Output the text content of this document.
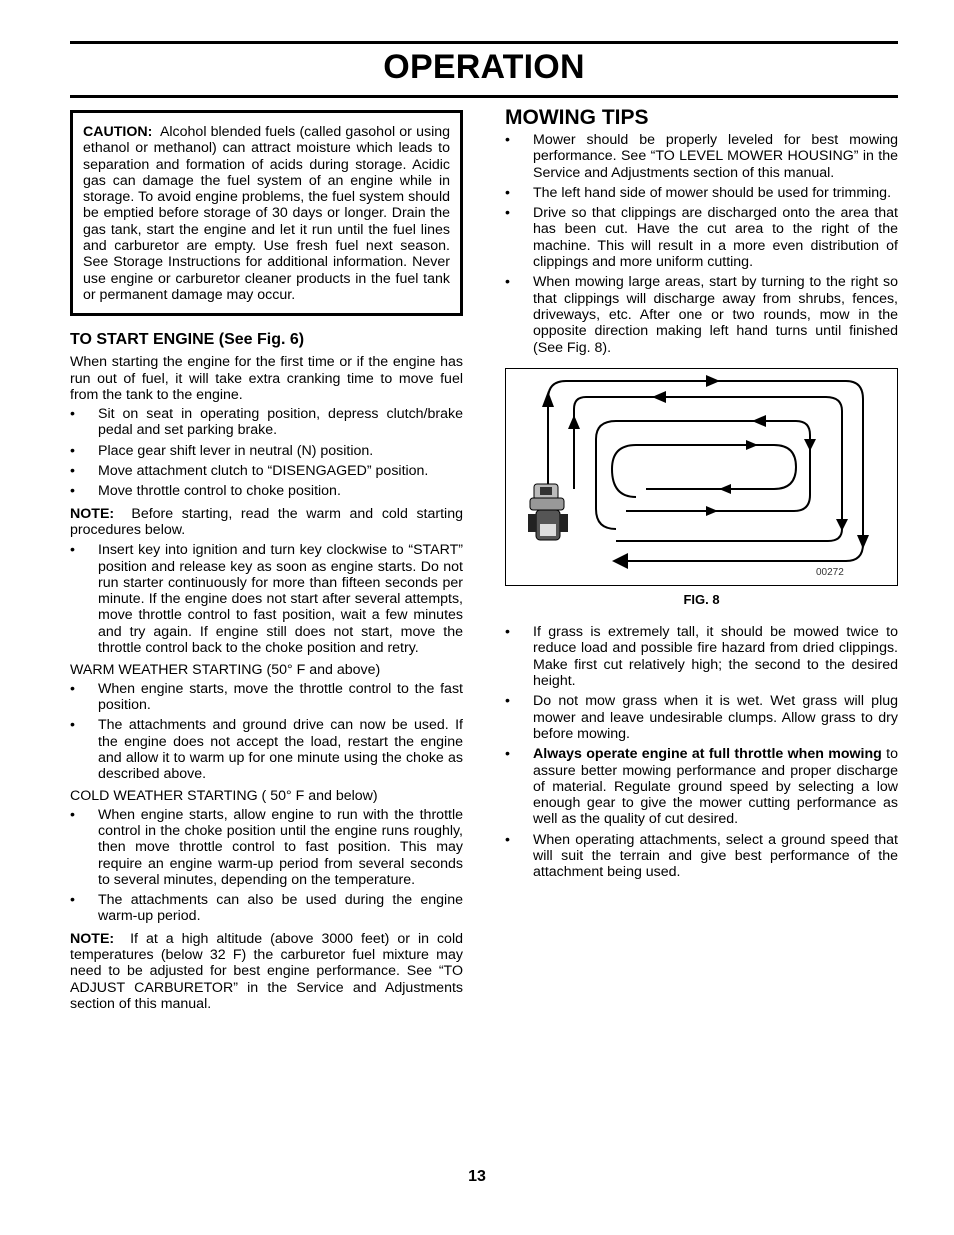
OPERATION
CAUTION: Alcohol blended fuels (called gasohol or using ethanol or methanol) can attract moisture which leads to separation and formation of acids during storage. Acidic gas can damage the fuel system of an engine while in storage. To avoid engine problems, the fuel system should be emptied before storage of 30 days or longer. Drain the gas tank, start the engine and let it run until the fuel lines and carburetor are empty. Use fresh fuel next season. See Storage Instructions for additional information. Never use engine or carburetor cleaner products in the fuel tank or permanent damage may occur.
TO START ENGINE (See Fig. 6)

When starting the engine for the first time or if the engine has run out of fuel, it will take extra cranking time to move fuel from the tank to the engine.

• Sit on seat in operating position, depress clutch/brake pedal and set parking brake.
• Place gear shift lever in neutral (N) position.
• Move attachment clutch to “DISENGAGED” position.
• Move throttle control to choke position.

NOTE: Before starting, read the warm and cold starting procedures below.

• Insert key into ignition and turn key clockwise to “START” position and release key as soon as engine starts. Do not run starter continuously for more than fifteen seconds per minute. If the engine does not start after several attempts, move throttle control to fast position, wait a few minutes and try again. If engine still does not start, move the throttle control back to the choke position and retry.

WARM WEATHER STARTING (50° F and above)

• When engine starts, move the throttle control to the fast position.
• The attachments and ground drive can now be used. If the engine does not accept the load, restart the engine and allow it to warm up for one minute using the choke as described above.

COLD WEATHER STARTING ( 50° F and below)

• When engine starts, allow engine to run with the throttle control in the choke position until the engine runs roughly, then move throttle control to fast position. This may require an engine warm-up period from several seconds to several minutes, depending on the temperature.
• The attachments can also be used during the engine warm-up period.

NOTE: If at a high altitude (above 3000 feet) or in cold temperatures (below 32 F) the carburetor fuel mixture may need to be adjusted for best engine performance. See “TO ADJUST CARBURETOR” in the Service and Adjustments section of this manual.

MOWING TIPS
• Mower should be properly leveled for best mowing performance. See “TO LEVEL MOWER HOUSING” in the Service and Adjustments section of this manual.
• The left hand side of mower should be used for trimming.
• Drive so that clippings are discharged onto the area that has been cut. Have the cut area to the right of the machine. This will result in a more even distribution of clippings and more uniform cutting.
• When mowing large areas, start by turning to the right so that clippings will discharge away from shrubs, fences, driveways, etc. After one or two rounds, mow in the opposite direction making left hand turns until finished (See Fig. 8).
00272
FIG. 8
• If grass is extremely tall, it should be mowed twice to reduce load and possible fire hazard from dried clippings. Make first cut relatively high; the second to the desired height.
• Do not mow grass when it is wet. Wet grass will plug mower and leave undesirable clumps. Allow grass to dry before mowing.
• Always operate engine at full throttle when mowing to assure better mowing performance and proper discharge of material. Regulate ground speed by selecting a low enough gear to give the mower cutting performance as well as the quality of cut desired.
• When operating attachments, select a ground speed that will suit the terrain and give best performance of the attachment being used.
13
